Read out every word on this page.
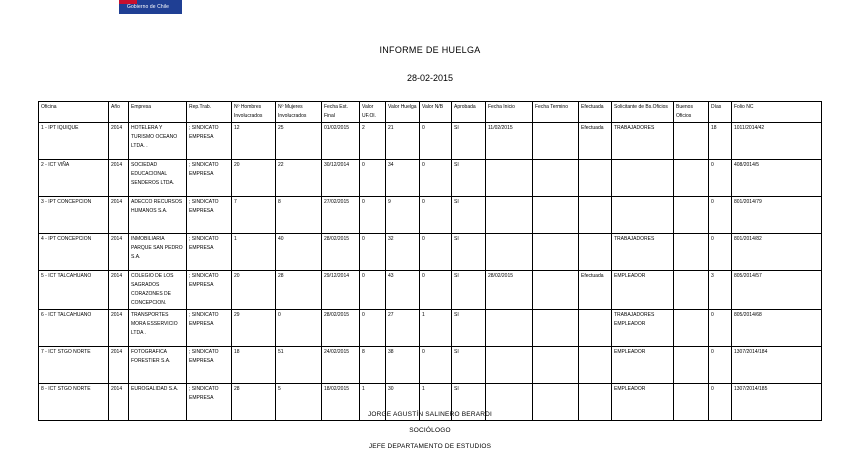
Gobierno de Chile
INFORME DE HUELGA
28-02-2015
Oficina	Año	Empresa	Rep.Trab.	Nº Hombres Involucrados	Nº Mujeres Involucrados	Fecha Est. Final	Valor UF.Ol.	Valor Huelga	Valor N/B	Aprobada	Fecha Inicio	Fecha Termino	Efectuada	Solicitante de Bs.Oficios	Buenos Oficios	Días	Folio NC
1 - IPT IQUIQUE	2014	HOTELERA Y TURISMO OCEANO LTDA. .	; SINDICATO EMPRESA	12	25	01/02/2015	2	21	0	SI	11/02/2015		Efectuada	TRABAJADORES		18	1011/2014/42
2 - ICT VIÑA	2014	SOCIEDAD EDUCACIONAL SENDEROS LTDA.	; SINDICATO EMPRESA	20	22	30/12/2014	0	34	0	SI						0	408/2014/5
3 - IPT CONCEPCION	2014	ADECCO RECURSOS HUMANOS S.A.	; SINDICATO EMPRESA	7	8	27/02/2015	0	9	0	SI						0	801/2014/79
4 - IPT CONCEPCION	2014	INMOBILIARIA PARQUE SAN PEDRO S.A.	; SINDICATO EMPRESA	1	40	28/02/2015	0	32	0	SI				TRABAJADORES		0	801/2014/82
5 - ICT TALCAHUANO	2014	COLEGIO DE LOS SAGRADOS CORAZONES DE CONCEPCION.	; SINDICATO EMPRESA	20	28	29/12/2014	0	43	0	SI	28/02/2015		Efectuada	EMPLEADOR		3	805/2014/57
6 - ICT TALCAHUANO	2014	TRANSPORTES MORA ESSERVICIO LTDA .	; SINDICATO EMPRESA	29	0	28/02/2015	0	27	1	SI				TRABAJADORES EMPLEADOR		0	805/2014/68
7 - ICT STGO NORTE	2014	FOTOGRAFICA FORESTIER S.A.	; SINDICATO EMPRESA	18	51	24/02/2015	8	38	0	SI				EMPLEADOR		0	1307/2014/184
8 - ICT STGO NORTE	2014	EUROGALIDAD S.A.	; SINDICATO EMPRESA	28	5	18/02/2015	1	30	1	SI				EMPLEADOR		0	1307/2014/185
JORGE AGUSTÍN SALINERO BERARDI
SOCIÓLOGO
JEFE DEPARTAMENTO DE ESTUDIOS
